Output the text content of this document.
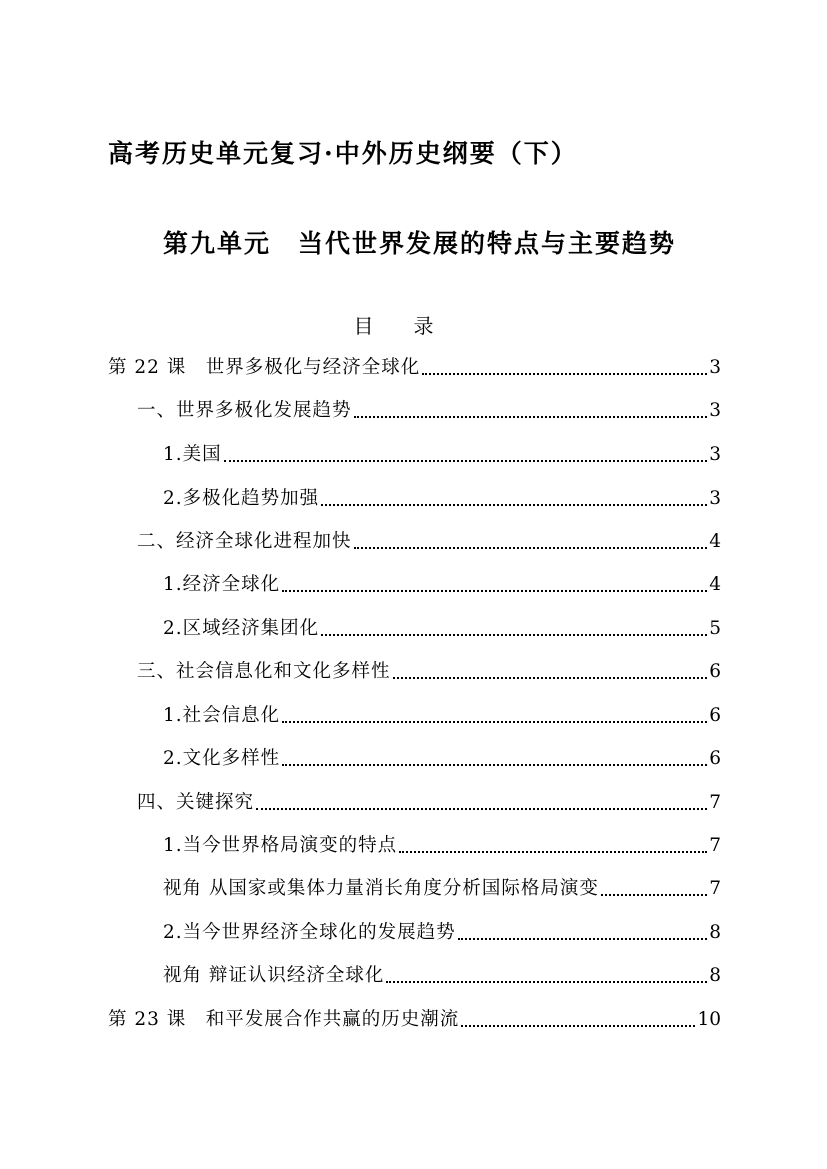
高考历史单元复习·中外历史纲要（下）
第九单元　当代世界发展的特点与主要趋势
目录
第 22 课　世界多极化与经济全球化	3
一、世界多极化发展趋势	3
1.美国	3
2.多极化趋势加强	3
二、经济全球化进程加快	4
1.经济全球化	4
2.区域经济集团化	5
三、社会信息化和文化多样性	6
1.社会信息化	6
2.文化多样性	6
四、关键探究	7
1.当今世界格局演变的特点	7
视角 从国家或集体力量消长角度分析国际格局演变	7
2.当今世界经济全球化的发展趋势	8
视角 辩证认识经济全球化	8
第 23 课　和平发展合作共赢的历史潮流	10
